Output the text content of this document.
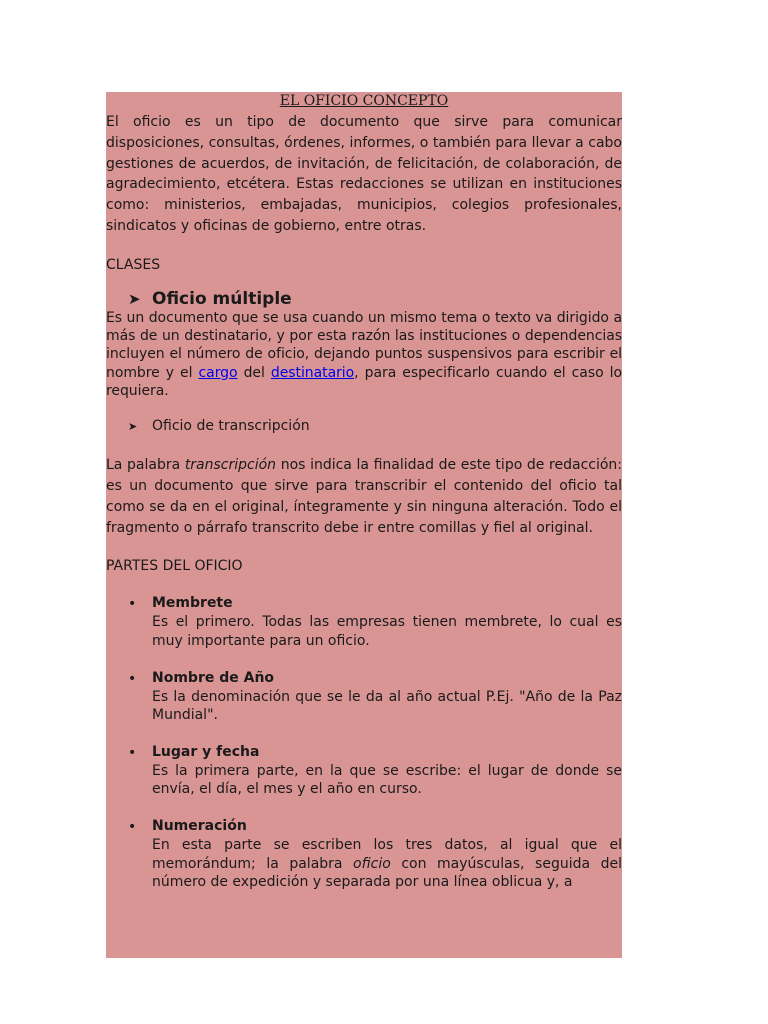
EL OFICIO CONCEPTO

El oficio es un tipo de documento que sirve para comunicar disposiciones, consultas, órdenes, informes, o también para llevar a cabo gestiones de acuerdos, de invitación, de felicitación, de colaboración, de agradecimiento, etcétera. Estas redacciones se utilizan en instituciones como: ministerios, embajadas, municipios, colegios profesionales, sindicatos y oficinas de gobierno, entre otras.

CLASES
➤ Oficio múltiple

Es un documento que se usa cuando un mismo tema o texto va dirigido a más de un destinatario, y por esta razón las instituciones o dependencias incluyen el número de oficio, dejando puntos suspensivos para escribir el nombre y el cargo del destinatario, para especificarlo cuando el caso lo requiera.

➤	Oficio de transcripción

La palabra transcripción nos indica la finalidad de este tipo de redacción: es un documento que sirve para transcribir el contenido del oficio tal como se da en el original, íntegramente y sin ninguna alteración. Todo el fragmento o párrafo transcrito debe ir entre comillas y fiel al original.

PARTES DEL OFICIO
• Membrete
Es el primero. Todas las empresas tienen membrete, lo cual es muy importante para un oficio.
• Nombre de Año
Es la denominación que se le da al año actual P.Ej. "Año de la Paz Mundial".
• Lugar y fecha
Es la primera parte, en la que se escribe: el lugar de donde se envía, el día, el mes y el año en curso.
• Numeración
En esta parte se escriben los tres datos, al igual que el memorándum; la palabra oficio con mayúsculas, seguida del número de expedición y separada por una línea oblicua y, a
